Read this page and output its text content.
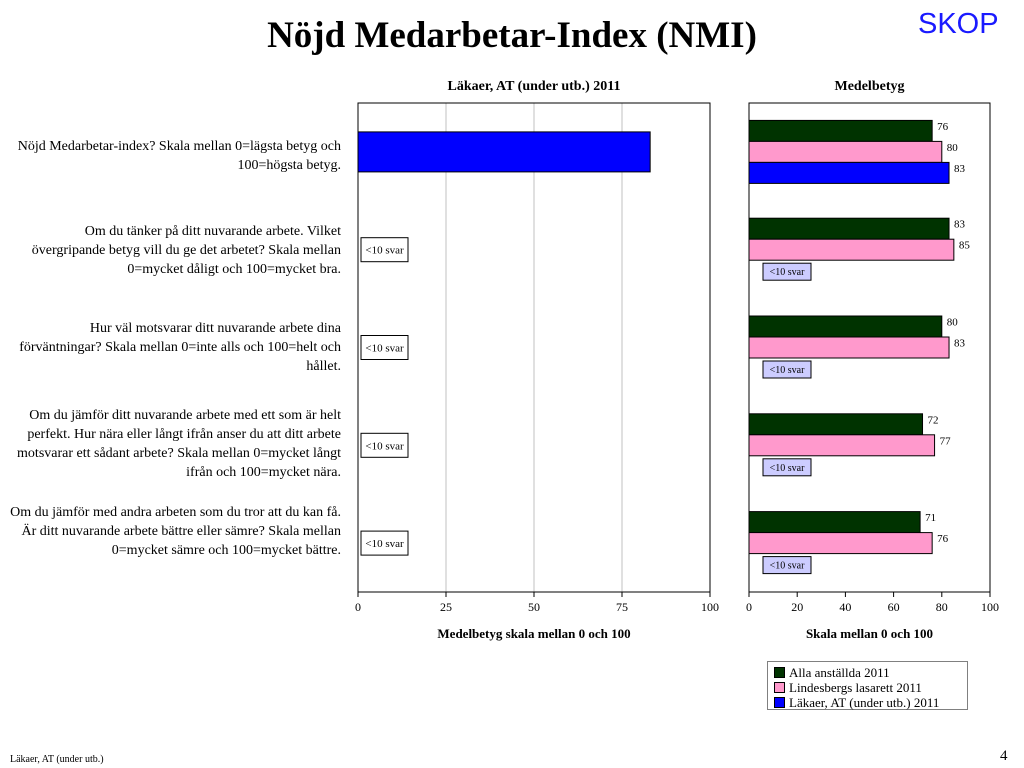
Nöjd Medarbetar-Index (NMI)	SKOP
Läkaer, AT (under utb.) 2011	Medelbetyg
Nöjd Medarbetar-index? Skala mellan 0=lägsta betyg och 100=högsta betyg.
Om du tänker på ditt nuvarande arbete. Vilket övergripande betyg vill du ge det arbetet? Skala mellan 0=mycket dåligt och 100=mycket bra.
Hur väl motsvarar ditt nuvarande arbete dina förväntningar? Skala mellan 0=inte alls och 100=helt och hållet.
Om du jämför ditt nuvarande arbete med ett som är helt perfekt. Hur nära eller långt ifrån anser du att ditt arbete motsvarar ett sådant arbete? Skala mellan 0=mycket långt ifrån och 100=mycket nära.
Om du jämför med andra arbeten som du tror att du kan få. Är ditt nuvarande arbete bättre eller sämre? Skala mellan 0=mycket sämre och 100=mycket bättre.
0	25	50	75	100
<10 svar
<10 svar
<10 svar
<10 svar
0	20	40	60	80	100
76
80
83
83
85
<10 svar
80
83
<10 svar
72
77
<10 svar
71
76
<10 svar
Medelbetyg skala mellan 0 och 100	Skala mellan 0 och 100
Alla anställda 2011
Lindesbergs lasarett 2011
Läkaer, AT (under utb.) 2011
Läkaer, AT (under utb.)	4
